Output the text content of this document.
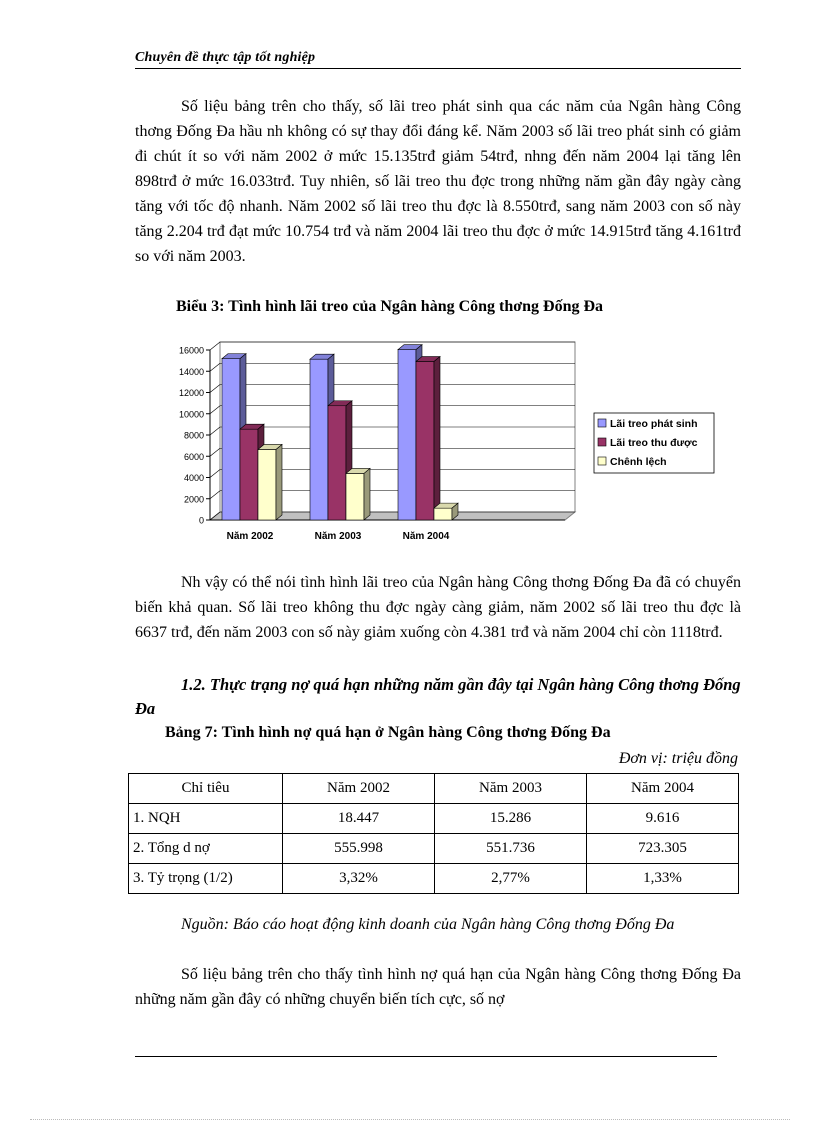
Chuyên đề thực tập tốt nghiệp

Số liệu bảng trên cho thấy, số lãi treo phát sinh qua các năm của Ngân hàng Công thơng Đống Đa hầu nh không có sự thay đổi đáng kể. Năm 2003 số lãi treo phát sinh có giảm đi chút ít so với năm 2002 ở mức 15.135trđ giảm 54trđ, nhng đến năm 2004 lại tăng lên 898trđ ở mức 16.033trđ. Tuy nhiên, số lãi treo thu đợc trong những năm gần đây ngày càng tăng với tốc độ nhanh. Năm 2002 số lãi treo thu đợc là 8.550trđ, sang năm 2003 con số này tăng 2.204 trđ đạt mức 10.754 trđ và năm 2004 lãi treo thu đợc ở mức 14.915trđ tăng 4.161trđ so với năm 2003.

Biểu 3: Tình hình lãi treo của Ngân hàng Công thơng Đống Đa
0
2000
4000
6000
8000
10000
12000
14000
16000
Năm 2002	Năm 2003	Năm 2004
Lãi treo phát sinh
Lãi treo thu được
Chênh lệch

Nh vậy có thể nói tình hình lãi treo của Ngân hàng Công thơng Đống Đa đã có chuyển biến khả quan. Số lãi treo không thu đợc ngày càng giảm, năm 2002 số lãi treo thu đợc là 6637 trđ, đến năm 2003 con số này giảm xuống còn 4.381 trđ và năm 2004 chỉ còn 1118trđ.

1.2. Thực trạng nợ quá hạn những năm gần đây tại Ngân hàng Công thơng Đống Đa
Bảng 7: Tình hình nợ quá hạn ở Ngân hàng Công thơng Đống Đa
Đơn vị: triệu đồng
Chỉ tiêu	Năm 2002	Năm 2003	Năm 2004
1. NQH	18.447	15.286	9.616
2. Tổng d nợ	555.998	551.736	723.305
3. Tỷ trọng (1/2)	3,32%	2,77%	1,33%
Nguồn: Báo cáo hoạt động kinh doanh của Ngân hàng Công thơng Đống Đa

Số liệu bảng trên cho thấy tình hình nợ quá hạn của Ngân hàng Công thơng Đống Đa những năm gần đây có những chuyển biến tích cực, số nợ
